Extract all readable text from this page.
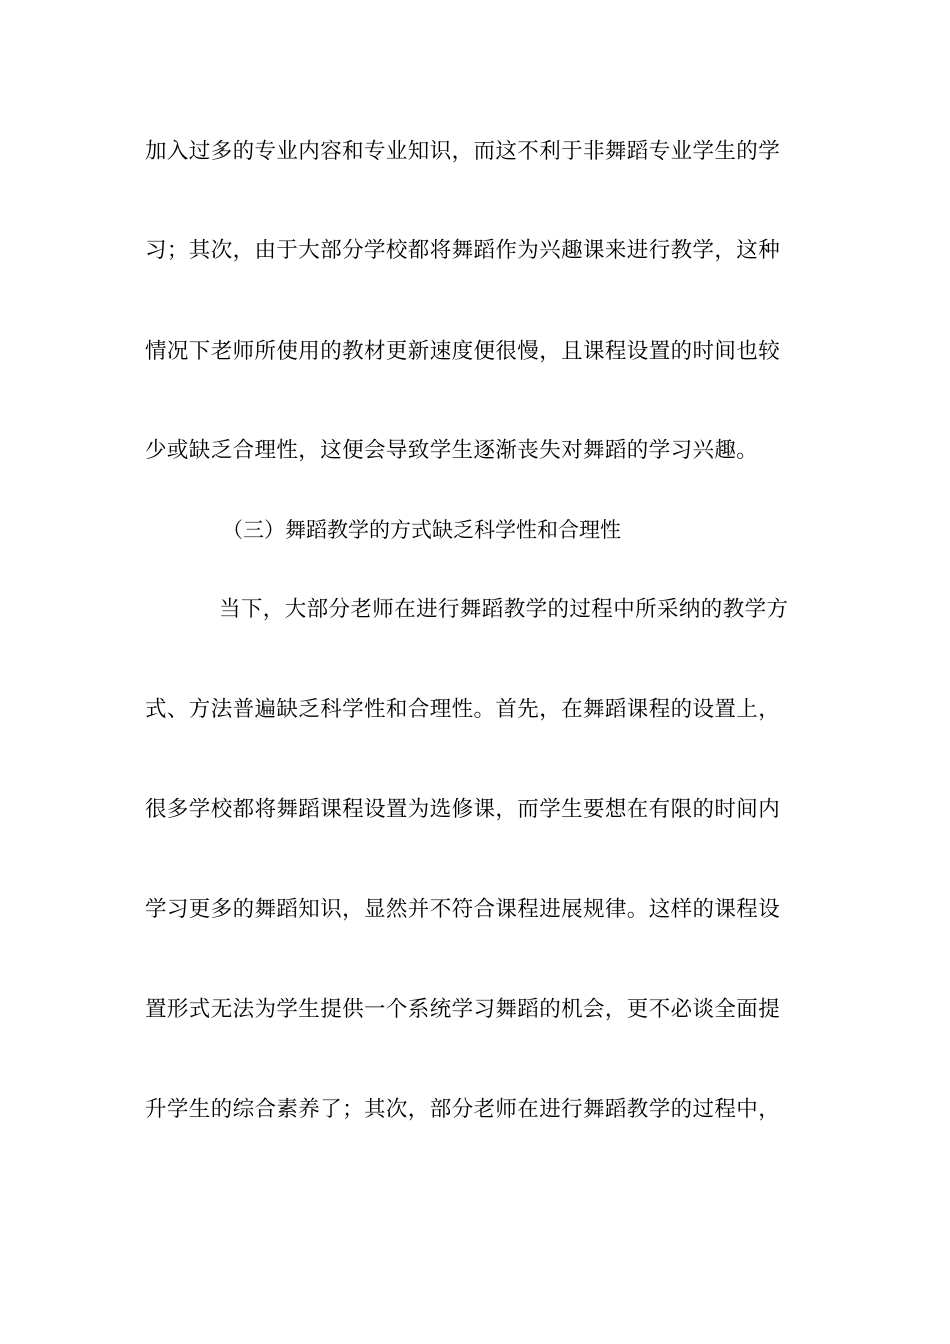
加入过多的专业内容和专业知识，而这不利于非舞蹈专业学生的学
习；其次，由于大部分学校都将舞蹈作为兴趣课来进行教学，这种
情况下老师所使用的教材更新速度便很慢，且课程设置的时间也较
少或缺乏合理性，这便会导致学生逐渐丧失对舞蹈的学习兴趣。
（三）舞蹈教学的方式缺乏科学性和合理性
当下，大部分老师在进行舞蹈教学的过程中所采纳的教学方
式、方法普遍缺乏科学性和合理性。首先，在舞蹈课程的设置上，
很多学校都将舞蹈课程设置为选修课，而学生要想在有限的时间内
学习更多的舞蹈知识，显然并不符合课程进展规律。这样的课程设
置形式无法为学生提供一个系统学习舞蹈的机会，更不必谈全面提
升学生的综合素养了；其次，部分老师在进行舞蹈教学的过程中，
